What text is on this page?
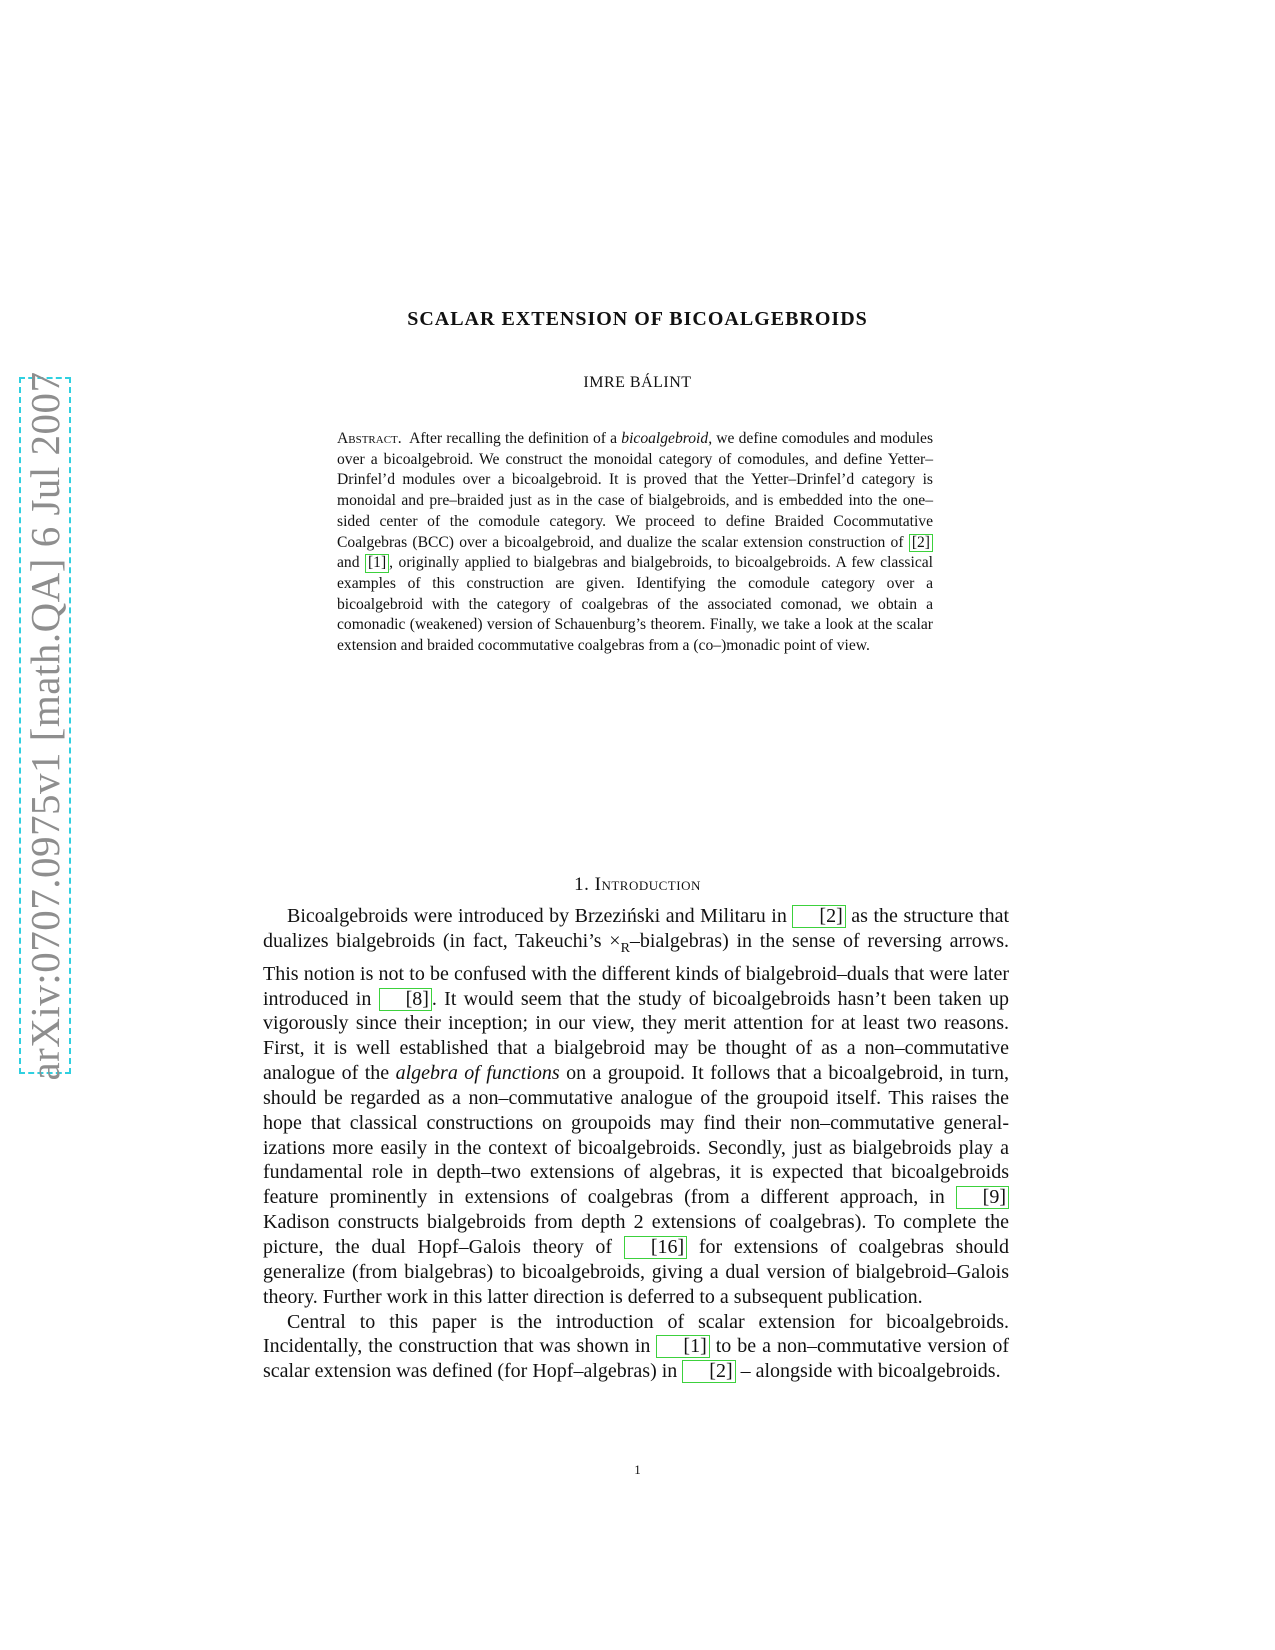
arXiv:0707.0975v1 [math.QA] 6 Jul 2007
SCALAR EXTENSION OF BICOALGEBROIDS
IMRE BÁLINT
Abstract. After recalling the definition of a bicoalgebroid, we define comodules and modules over a bicoalgebroid. We construct the monoidal category of comodules, and define Yetter–Drinfel’d modules over a bicoalgebroid. It is proved that the Yetter–Drinfel’d category is monoidal and pre–braided just as in the case of bialgebroids, and is embedded into the one–sided center of the comodule category. We proceed to define Braided Cocommutative Coalgebras (BCC) over a bicoalgebroid, and dualize the scalar extension construction of [2] and [1] , originally applied to bialgebras and bialgebroids, to bicoalgebroids. A few classical examples of this construction are given. Identifying the comodule category over a bicoalgebroid with the category of coalgebras of the associated comonad, we obtain a comonadic (weakened) version of Schauenburg’s theorem. Finally, we take a look at the scalar extension and braided cocommutative coalgebras from a (co–)monadic point of view.
1. Introduction

Bicoalgebroids were introduced by Brzeziński and Militaru in [2] as the structure that dualizes bialgebroids (in fact, Takeuchi’s $\times_R-bialgebras$) in the sense of reversing arrows. This notion is not to be confused with the different kinds of bialgebroid–duals that were later introduced in [8] . It would seem that the study of bicoalgebroids hasn’t been taken up vigorously since their inception; in our view, they merit attention for at least two reasons. First, it is well established that a bialgebroid may be thought of as a non–commutative analogue of the algebra of functions on a groupoid. It follows that a bicoalgebroid, in turn, should be regarded as a non–commutative analogue of the groupoid itself. This raises the hope that classical constructions on groupoids may find their non–commutative generalizations more easily in the context of bicoalgebroids. Secondly, just as bialgebroids play a fundamental role in depth–two extensions of algebras, it is expected that bicoalgebroids feature prominently in extensions of coalgebras (from a different approach, in [9] Kadison constructs bialgebroids from depth 2 extensions of coalgebras). To complete the picture, the dual Hopf–Galois theory of [16] for extensions of coalgebras should generalize (from bialgebras) to bicoalgebroids, giving a dual version of bialgebroid–Galois theory. Further work in this latter direction is deferred to a subsequent publication.

Central to this paper is the introduction of scalar extension for bicoalgebroids. Incidentally, the construction that was shown in [1] to be a non–commutative version of scalar extension was defined (for Hopf–algebras) in [2] – alongside with bicoalgebroids.

1
